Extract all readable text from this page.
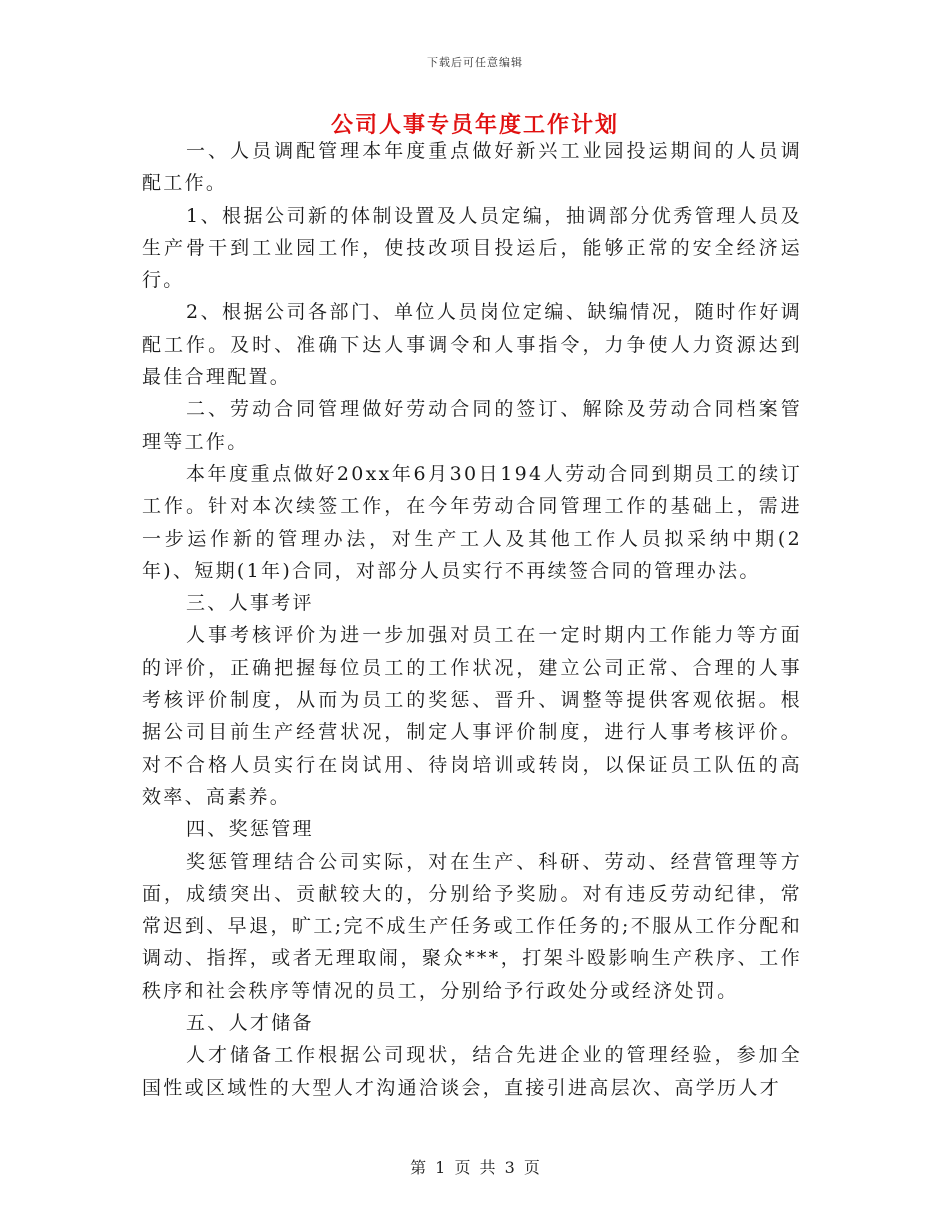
下载后可任意编辑
公司人事专员年度工作计划

一、人员调配管理本年度重点做好新兴工业园投运期间的人员调配工作。

1、根据公司新的体制设置及人员定编，抽调部分优秀管理人员及生产骨干到工业园工作，使技改项目投运后，能够正常的安全经济运行。

2、根据公司各部门、单位人员岗位定编、缺编情况，随时作好调配工作。及时、准确下达人事调令和人事指令，力争使人力资源达到最佳合理配置。

二、劳动合同管理做好劳动合同的签订、解除及劳动合同档案管理等工作。

本年度重点做好20xx年6月30日194人劳动合同到期员工的续订工作。针对本次续签工作，在今年劳动合同管理工作的基础上，需进一步运作新的管理办法，对生产工人及其他工作人员拟采纳中期(2年)、短期(1年)合同，对部分人员实行不再续签合同的管理办法。

三、人事考评

人事考核评价为进一步加强对员工在一定时期内工作能力等方面的评价，正确把握每位员工的工作状况，建立公司正常、合理的人事考核评价制度，从而为员工的奖惩、晋升、调整等提供客观依据。根据公司目前生产经营状况，制定人事评价制度，进行人事考核评价。对不合格人员实行在岗试用、待岗培训或转岗，以保证员工队伍的高效率、高素养。

四、奖惩管理

奖惩管理结合公司实际，对在生产、科研、劳动、经营管理等方面，成绩突出、贡献较大的，分别给予奖励。对有违反劳动纪律，常常迟到、早退，旷工;完不成生产任务或工作任务的;不服从工作分配和调动、指挥，或者无理取闹，聚众***，打架斗殴影响生产秩序、工作秩序和社会秩序等情况的员工，分别给予行政处分或经济处罚。

五、人才储备

人才储备工作根据公司现状，结合先进企业的管理经验，参加全国性或区域性的大型人才沟通洽谈会，直接引进高层次、高学历人才

第 1 页 共 3 页
